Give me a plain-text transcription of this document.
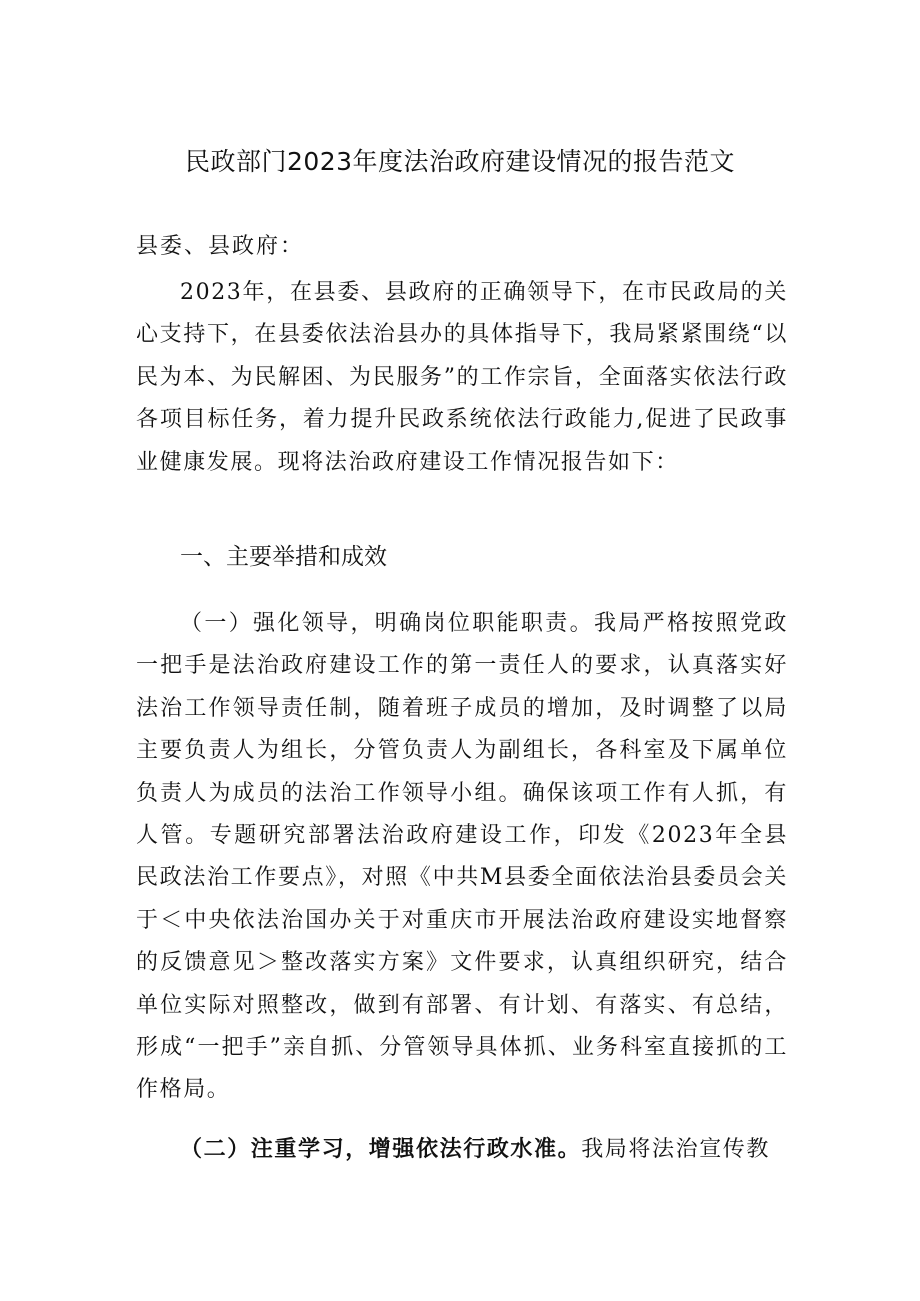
民政部门2023年度法治政府建设情况的报告范文

县委、县政府：

2023年，在县委、县政府的正确领导下，在市民政局的关心支持下，在县委依法治县办的具体指导下，我局紧紧围绕“以民为本、为民解困、为民服务”的工作宗旨，全面落实依法行政各项目标任务，着力提升民政系统依法行政能力,促进了民政事业健康发展。现将法治政府建设工作情况报告如下：

一、主要举措和成效

（一）强化领导，明确岗位职能职责。我局严格按照党政一把手是法治政府建设工作的第一责任人的要求，认真落实好法治工作领导责任制，随着班子成员的增加，及时调整了以局主要负责人为组长，分管负责人为副组长，各科室及下属单位负责人为成员的法治工作领导小组。确保该项工作有人抓，有人管。专题研究部署法治政府建设工作，印发《2023年全县民政法治工作要点》，对照《中共M县委全面依法治县委员会关于＜中央依法治国办关于对重庆市开展法治政府建设实地督察的反馈意见＞整改落实方案》文件要求，认真组织研究，结合单位实际对照整改，做到有部署、有计划、有落实、有总结，形成“一把手”亲自抓、分管领导具体抓、业务科室直接抓的工作格局。

（二）注重学习，增强依法行政水准。我局将法治宣传教
